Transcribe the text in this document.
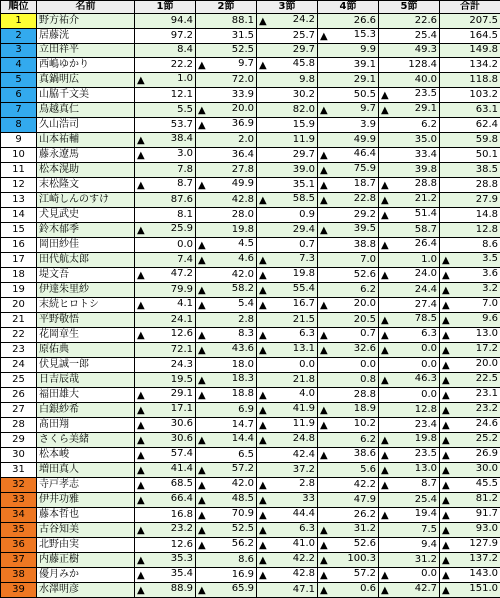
順位	名前	1節	2節	3節	4節	5節	合計
1	野方祐介	94.4	88.1	▲ 24.2	26.6	22.6	207.5
2	居藤洸	97.2	31.5	25.7	▲ 15.3	25.4	164.5
3	立田祥平	8.4	52.5	29.7	9.9	49.3	149.8
4	西嶋ゆかり	22.2	▲ 9.7	▲ 45.8	39.1	128.4	134.2
5	真鍋明広	▲ 1.0	72.0	9.8	29.1	40.0	118.8
6	山脇千文美	12.1	33.9	30.2	50.5	▲ 23.5	103.2
7	鳥越真仁	5.5	▲ 20.0	82.0	▲ 9.7	▲ 29.1	63.1
8	久山浩司	53.7	▲ 36.9	15.9	3.9	6.2	62.4
9	山本祐輔	▲ 38.4	2.0	11.9	49.9	35.0	59.8
10	藤永遼馬	▲ 3.0	36.4	29.7	▲ 46.4	33.4	50.1
11	松本滉助	7.8	27.8	39.0	▲ 75.9	39.8	38.5
12	末松隆文	▲ 8.7	▲ 49.9	35.1	▲ 18.7	▲ 28.8	28.8
13	江崎しんのすけ	87.6	42.8	▲ 58.5	▲ 22.8	▲ 21.2	27.9
14	犬見武史	8.1	28.0	0.9	29.2	▲ 51.4	14.8
15	鈴木郁季	▲ 25.9	19.8	29.4	▲ 39.5	58.7	12.8
16	岡田紗佳	0.0	▲ 4.5	0.7	38.8	▲ 26.4	8.6
17	田代航太郎	7.4	▲ 4.6	▲ 7.3	7.0	1.0	▲ 3.5
18	堤文吾	▲ 47.2	42.0	▲ 19.8	52.6	▲ 24.0	▲ 3.6
19	伊達朱里紗	79.9	▲ 58.2	▲ 55.4	6.2	24.4	▲ 3.2
20	末続ヒロトシ	▲ 4.1	▲ 5.4	▲ 16.7	▲ 20.0	27.4	▲ 7.0
21	平野敬悟	24.1	2.8	21.5	20.5	▲ 78.5	▲ 9.6
22	花岡章生	▲ 12.6	▲ 8.3	▲ 6.3	▲ 0.7	▲ 6.3	▲ 13.0
23	原佑典	72.1	▲ 43.6	▲ 13.1	▲ 32.6	▲ 0.0	▲ 17.2
24	伏見誠一郎	24.3	18.0	0.0	0.0	0.0	▲ 20.0
25	日吉辰哉	19.5	▲ 18.3	21.8	0.8	▲ 46.3	▲ 22.5
26	福田雄大	▲ 29.1	▲ 18.8	▲ 4.0	28.8	0.0	▲ 23.1
27	白銀紗希	▲ 17.1	6.9	▲ 41.9	▲ 18.9	12.8	▲ 23.2
28	髙田翔	▲ 30.6	14.7	▲ 11.9	▲ 10.2	23.4	▲ 24.6
29	さくら美緒	▲ 30.6	▲ 14.4	▲ 24.8	6.2	▲ 19.8	▲ 25.2
30	松本峻	▲ 57.4	6.5	42.4	▲ 38.6	▲ 23.5	▲ 26.9
31	増田真人	▲ 41.4	▲ 57.2	37.2	5.6	▲ 13.0	▲ 30.0
32	寺戸孝志	▲ 68.5	▲ 42.0	▲ 2.8	42.2	▲ 8.7	▲ 45.5
33	伊井功雅	▲ 66.4	▲ 48.5	▲ 33	47.9	25.4	▲ 81.2
34	藤本哲也	16.8	▲ 70.9	▲ 44.4	26.2	▲ 19.4	▲ 91.7
35	古谷知美	▲ 23.2	▲ 52.5	▲ 6.3	▲ 31.2	7.5	▲ 93.0
36	北野由実	12.6	▲ 56.2	▲ 41.0	▲ 52.6	9.4	▲ 127.9
37	内藤正樹	▲ 35.3	8.6	▲ 42.2	▲ 100.3	31.2	▲ 137.2
38	優月みか	▲ 35.4	16.9	▲ 42.8	▲ 57.2	▲ 0.0	▲ 143.0
39	水澤明彦	▲ 88.9	▲ 65.9	47.1	▲ 0.6	▲ 42.7	▲ 151.0
